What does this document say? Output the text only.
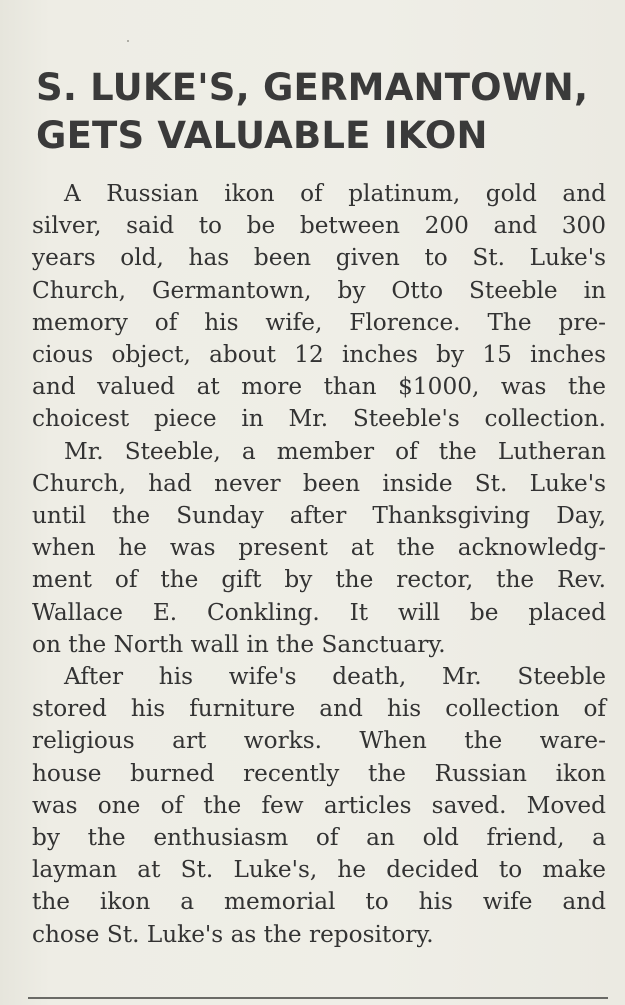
S. LUKE'S, GERMANTOWN,
GETS VALUABLE IKON

A Russian ikon of platinum, gold and
silver, said to be between 200 and 300
years old, has been given to St. Luke's
Church, Germantown, by Otto Steeble in
memory of his wife, Florence. The pre-
cious object, about 12 inches by 15 inches
and valued at more than $1000, was the
choicest piece in Mr. Steeble's collection.

Mr. Steeble, a member of the Lutheran
Church, had never been inside St. Luke's
until the Sunday after Thanksgiving Day,
when he was present at the acknowledg-
ment of the gift by the rector, the Rev.
Wallace E. Conkling. It will be placed
on the North wall in the Sanctuary.

After his wife's death, Mr. Steeble
stored his furniture and his collection of
religious art works. When the ware-
house burned recently the Russian ikon
was one of the few articles saved. Moved
by the enthusiasm of an old friend, a
layman at St. Luke's, he decided to make
the ikon a memorial to his wife and
chose St. Luke's as the repository.
